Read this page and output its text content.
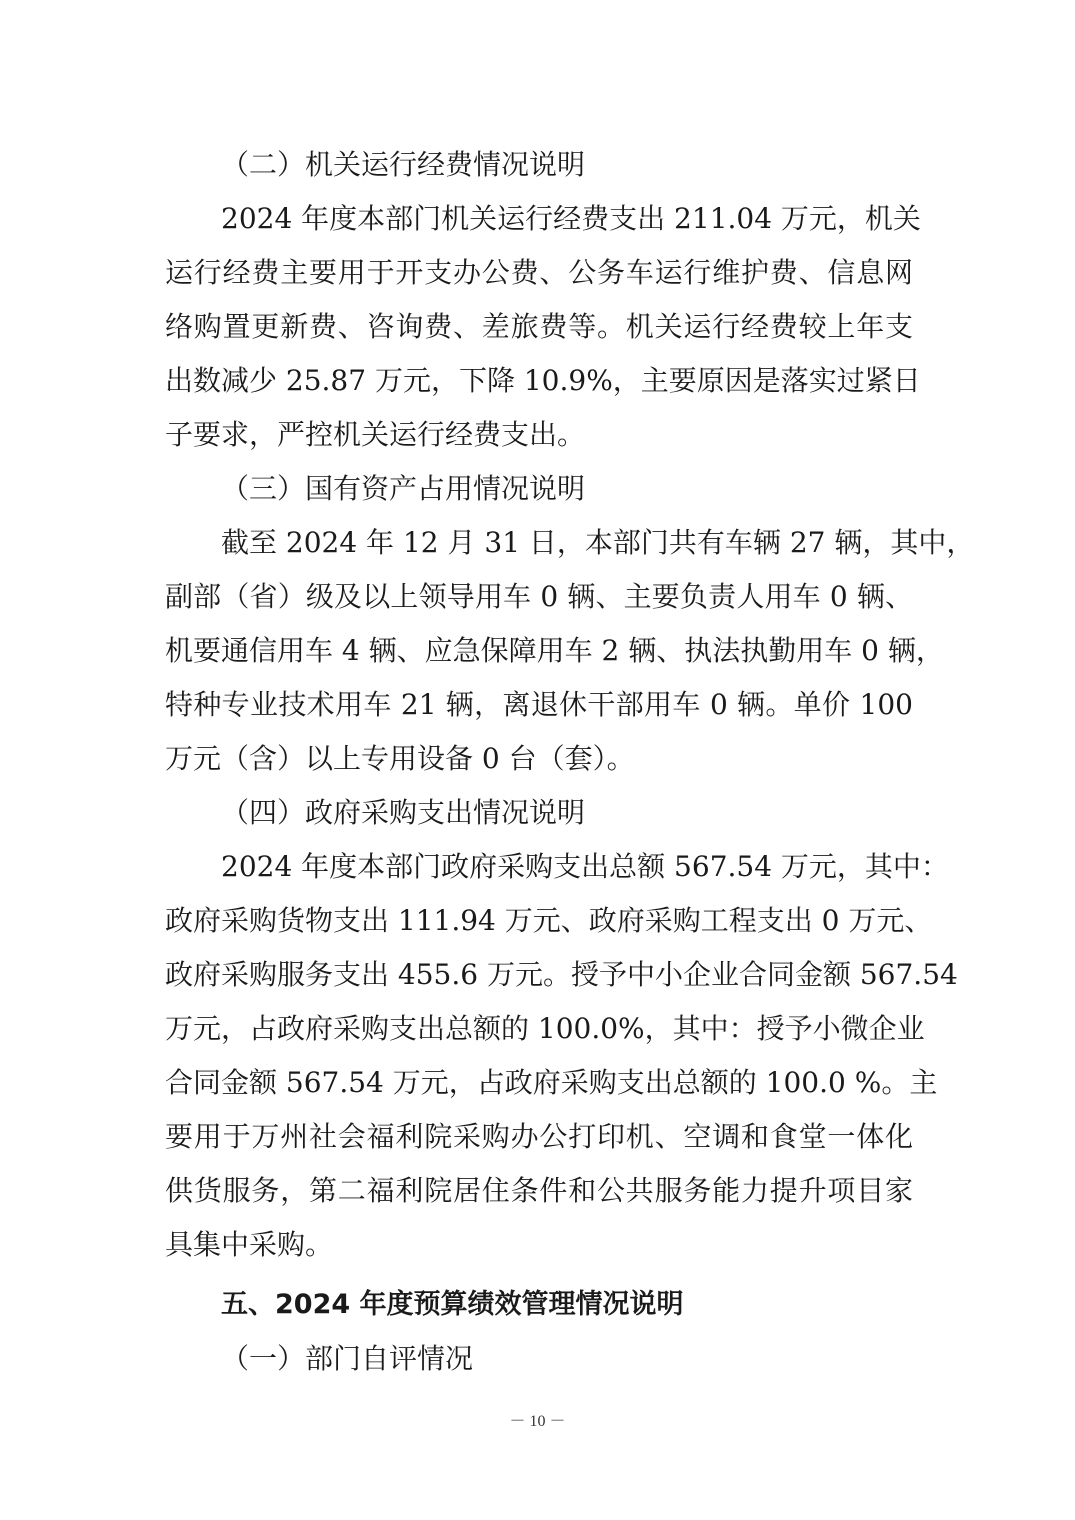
（二）机关运行经费情况说明
2024 年度本部门机关运行经费支出 211.04 万元，机关
运行经费主要用于开支办公费、公务车运行维护费、信息网
络购置更新费、咨询费、差旅费等。机关运行经费较上年支
出数减少 25.87 万元，下降 10.9%，主要原因是落实过紧日
子要求，严控机关运行经费支出。
（三）国有资产占用情况说明
截至 2024 年 12 月 31 日，本部门共有车辆 27 辆，其中，
副部（省）级及以上领导用车 0 辆、主要负责人用车 0 辆、
机要通信用车 4 辆、应急保障用车 2 辆、执法执勤用车 0 辆，
特种专业技术用车 21 辆，离退休干部用车 0 辆。单价 100
万元（含）以上专用设备 0 台（套）。
（四）政府采购支出情况说明
2024 年度本部门政府采购支出总额 567.54 万元，其中：
政府采购货物支出 111.94 万元、政府采购工程支出 0 万元、
政府采购服务支出 455.6 万元。授予中小企业合同金额 567.54
万元，占政府采购支出总额的 100.0%，其中：授予小微企业
合同金额 567.54 万元，占政府采购支出总额的 100.0 %。主
要用于万州社会福利院采购办公打印机、空调和食堂一体化
供货服务，第二福利院居住条件和公共服务能力提升项目家
具集中采购。
五、2024 年度预算绩效管理情况说明
（一）部门自评情况
－ 10 －
